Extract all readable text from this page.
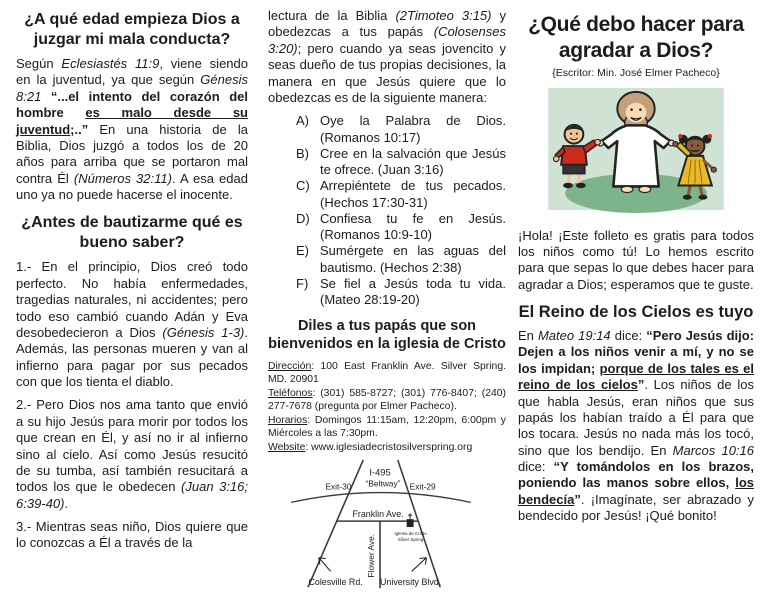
¿A qué edad empieza Dios a juzgar mi mala conducta?

Según Eclesiastés 11:9, viene siendo en la juventud, ya que según Génesis 8:21 “...el intento del corazón del hombre es malo desde su juventud;..” En una historia de la Biblia, Dios juzgó a todos los de 20 años para arriba que se portaron mal contra Él (Números 32:11). A esa edad uno ya no puede hacerse el inocente.

¿Antes de bautizarme qué es bueno saber?

1.- En el principio, Dios creó todo perfecto. No había enfermedades, tragedias naturales, ni accidentes; pero todo eso cambió cuando Adán y Eva desobedecieron a Dios (Génesis 1-3). Además, las personas mueren y van al infierno para pagar por sus pecados con que los tienta el diablo.

2.- Pero Dios nos ama tanto que envió a su hijo Jesús para morir por todos los que crean en Él, y así no ir al infierno sino al cielo. Así como Jesús resucitó de su tumba, así también resucitará a todos los que le obedecen (Juan 3:16; 6:39-40).

3.- Mientras seas niño, Dios quiere que lo conozcas a Él a través de la

lectura de la Biblia (2Timoteo 3:15) y obedezcas a tus papás (Colosenses 3:20); pero cuando ya seas jovencito y seas dueño de tus propias decisiones, la manera en que Jesús quiere que lo obedezcas es de la siguiente manera:

A) Oye la Palabra de Dios. (Romanos 10:17)
B) Cree en la salvación que Jesús te ofrece. (Juan 3:16)
C) Arrepiéntete de tus pecados. (Hechos 17:30-31)
D) Confiesa tu fe en Jesús. (Romanos 10:9-10)
E) Sumérgete en las aguas del bautismo. (Hechos 2:38)
F) Se fiel a Jesús toda tu vida. (Mateo 28:19-20)
Diles a tus papás que son bienvenidos en la iglesia de Cristo

Dirección: 100 East Franklin Ave. Silver Spring. MD. 20901

Teléfonos: (301) 585-8727; (301) 776-8407; (240) 277-7678 (pregunta por Elmer Pacheco).

Horarios: Domingos 11:15am, 12:20pm, 6:00pm y Miércoles a las 7:30pm.

Website: www.iglesiadecristosilverspring.org

I-495
“Beltway”
Exit-30	Exit-29
Franklin Ave.
Flower Ave.
Iglesia de Cristo
Silver Spring
Colesville Rd. University Blvd.
¿Qué debo hacer para agradar a Dios?
{Escritor: Min. José Elmer Pacheco}

¡Hola! ¡Este folleto es gratis para todos los niños como tú! Lo hemos escrito para que sepas lo que debes hacer para agradar a Dios; esperamos que te guste.

El Reino de los Cielos es tuyo

En Mateo 19:14 dice: “Pero Jesús dijo: Dejen a los niños venir a mí, y no se los impidan; porque de los tales es el reino de los cielos”. Los niños de los que habla Jesús, eran niños que sus papás los habían traído a Él para que los tocara. Jesús no nada más los tocó, sino que los bendijo. En Marcos 10:16 dice: “Y tomándolos en los brazos, poniendo las manos sobre ellos, los bendecía”. ¡Imagínate, ser abrazado y bendecido por Jesús! ¡Qué bonito!
